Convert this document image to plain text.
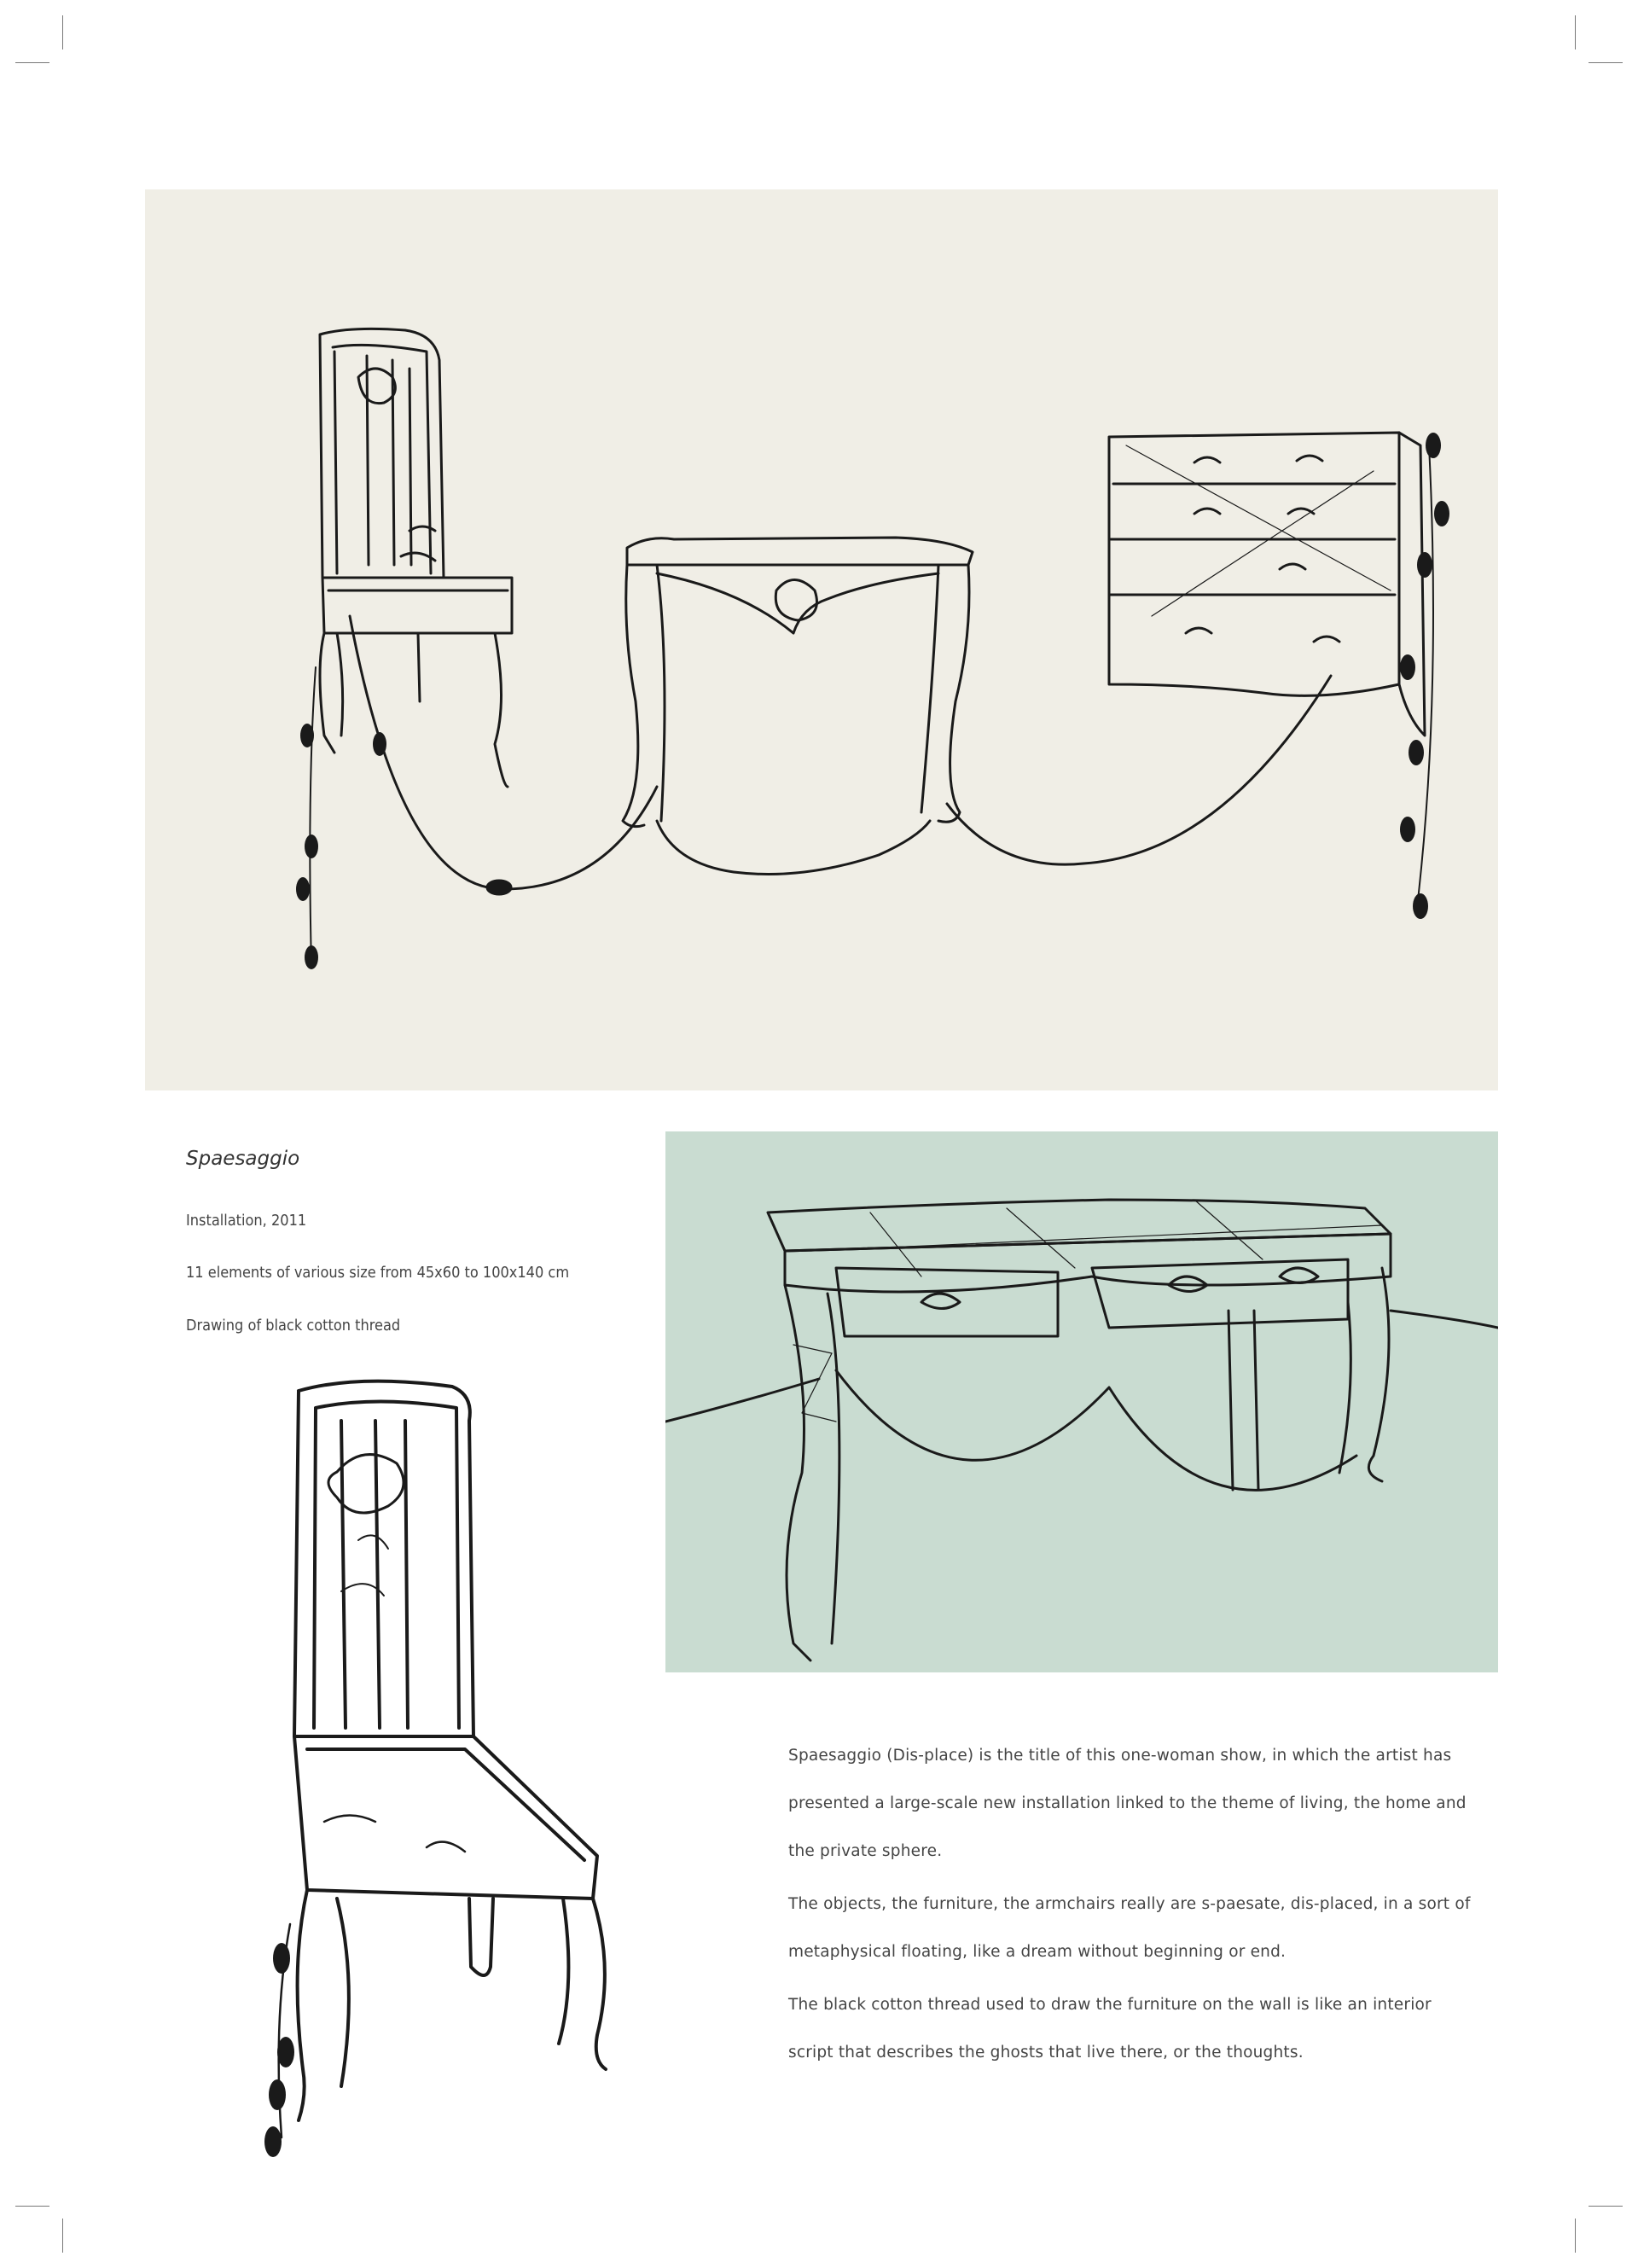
Spaesaggio
Installation, 2011
11 elements of various size from 45x60 to 100x140 cm
Drawing of black cotton thread

Spaesaggio (Dis-place) is the title of this one-woman show, in which the artist has presented a large-scale new installation linked to the theme of living, the home and the private sphere.

The objects, the furniture, the armchairs really are s-paesate, dis-placed, in a sort of metaphysical floating, like a dream without beginning or end.

The black cotton thread used to draw the furniture on the wall is like an interior script that describes the ghosts that live there, or the thoughts.
